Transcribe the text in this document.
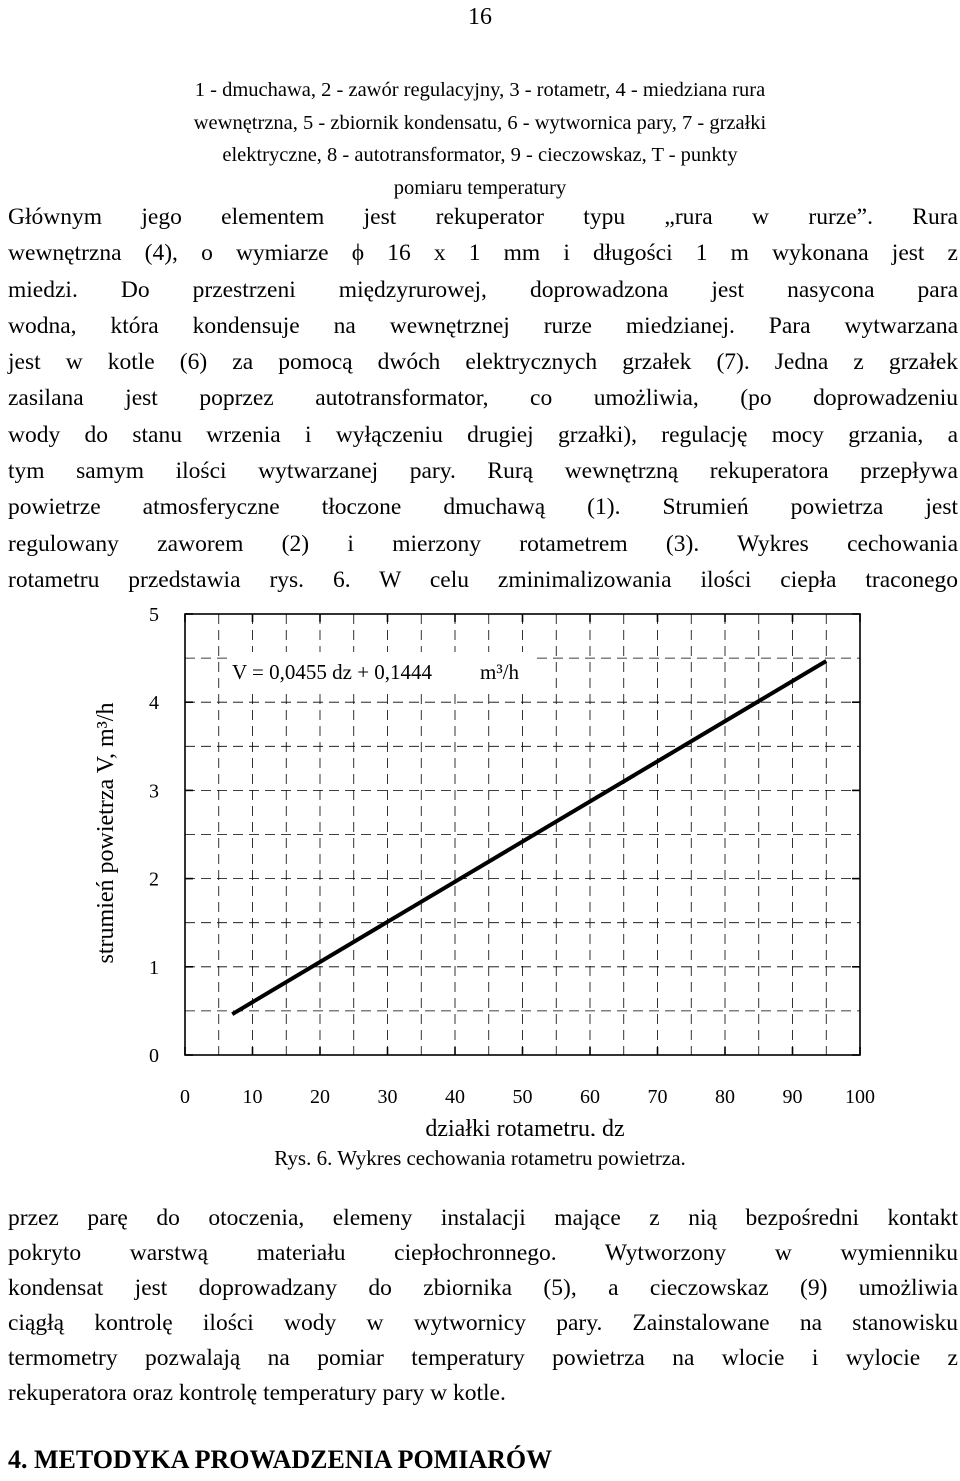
16
1 - dmuchawa, 2 - zawór regulacyjny, 3 - rotametr, 4 - miedziana rura
wewnętrzna, 5 - zbiornik kondensatu, 6 - wytwornica pary, 7 - grzałki
elektryczne, 8 - autotransformator, 9 - cieczowskaz, T - punkty
pomiaru temperatury
Głównym jego elementem jest rekuperator typu „rura w rurze”. Rura
wewnętrzna (4), o wymiarze ϕ 16 x 1 mm i długości 1 m wykonana jest z
miedzi. Do przestrzeni międzyrurowej, doprowadzona jest nasycona para
wodna, która kondensuje na wewnętrznej rurze miedzianej. Para wytwarzana
jest w kotle (6) za pomocą dwóch elektrycznych grzałek (7). Jedna z grzałek
zasilana jest poprzez autotransformator, co umożliwia, (po doprowadzeniu
wody do stanu wrzenia i wyłączeniu drugiej grzałki), regulację mocy grzania, a
tym samym ilości wytwarzanej pary. Rurą wewnętrzną rekuperatora przepływa
powietrze atmosferyczne tłoczone dmuchawą (1). Strumień powietrza jest
regulowany zaworem (2) i mierzony rotametrem (3). Wykres cechowania
rotametru przedstawia rys. 6. W celu zminimalizowania ilości ciepła traconego
V = 0,0455 dz + 0,1444 m³/h
0	10 20 30 40 50 60 70 80 90 100
0
1
2
3
4
5
działki rotametru, dz
strumień powietrza V, m³/h
Rys. 6. Wykres cechowania rotametru powietrza.
przez parę do otoczenia, elemeny instalacji mające z nią bezpośredni kontakt
pokryto warstwą materiału ciepłochronnego. Wytworzony w wymienniku
kondensat jest doprowadzany do zbiornika (5), a cieczowskaz (9) umożliwia
ciągłą kontrolę ilości wody w wytwornicy pary. Zainstalowane na stanowisku
termometry pozwalają na pomiar temperatury powietrza na wlocie i wylocie z
rekuperatora oraz kontrolę temperatury pary w kotle.
4. METODYKA PROWADZENIA POMIARÓW
